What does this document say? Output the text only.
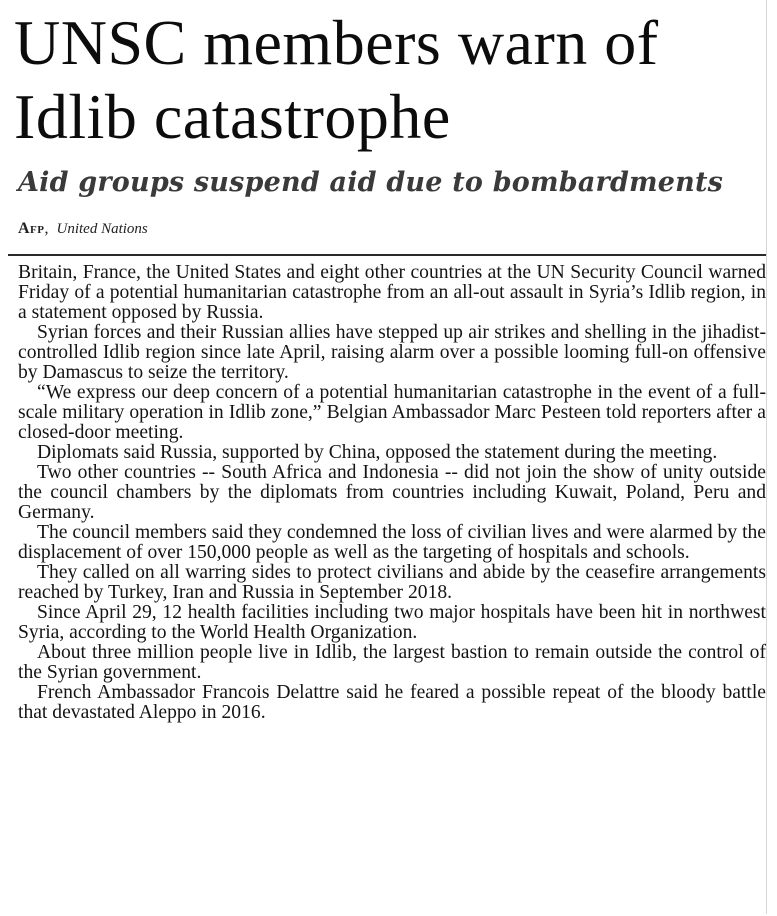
UNSC members warn of Idlib catastrophe
Aid groups suspend aid due to bombardments
Afp, United Nations

Britain, France, the United States and eight other countries at the UN Security Council warned Friday of a potential humanitarian catastrophe from an all-out assault in Syria’s Idlib region, in a statement opposed by Russia.

Syrian forces and their Russian allies have stepped up air strikes and shelling in the jihadist-controlled Idlib region since late April, raising alarm over a possible looming full-on offensive by Damascus to seize the territory.

“We express our deep concern of a potential humanitarian catastrophe in the event of a full-scale military operation in Idlib zone,” Belgian Ambassador Marc Pesteen told reporters after a closed-door meeting.

Diplomats said Russia, supported by China, opposed the statement during the meeting.

Two other countries -- South Africa and Indonesia -- did not join the show of unity outside the council chambers by the diplomats from countries including Kuwait, Poland, Peru and Germany.

The council members said they condemned the loss of civilian lives and were alarmed by the displacement of over 150,000 people as well as the targeting of hospitals and schools.

They called on all warring sides to protect civilians and abide by the ceasefire arrangements reached by Turkey, Iran and Russia in September 2018.

Since April 29, 12 health facilities including two major hospitals have been hit in northwest Syria, according to the World Health Organization.

About three million people live in Idlib, the largest bastion to remain outside the control of the Syrian government.

French Ambassador Francois Delattre said he feared a possible repeat of the bloody battle that devastated Aleppo in 2016.
